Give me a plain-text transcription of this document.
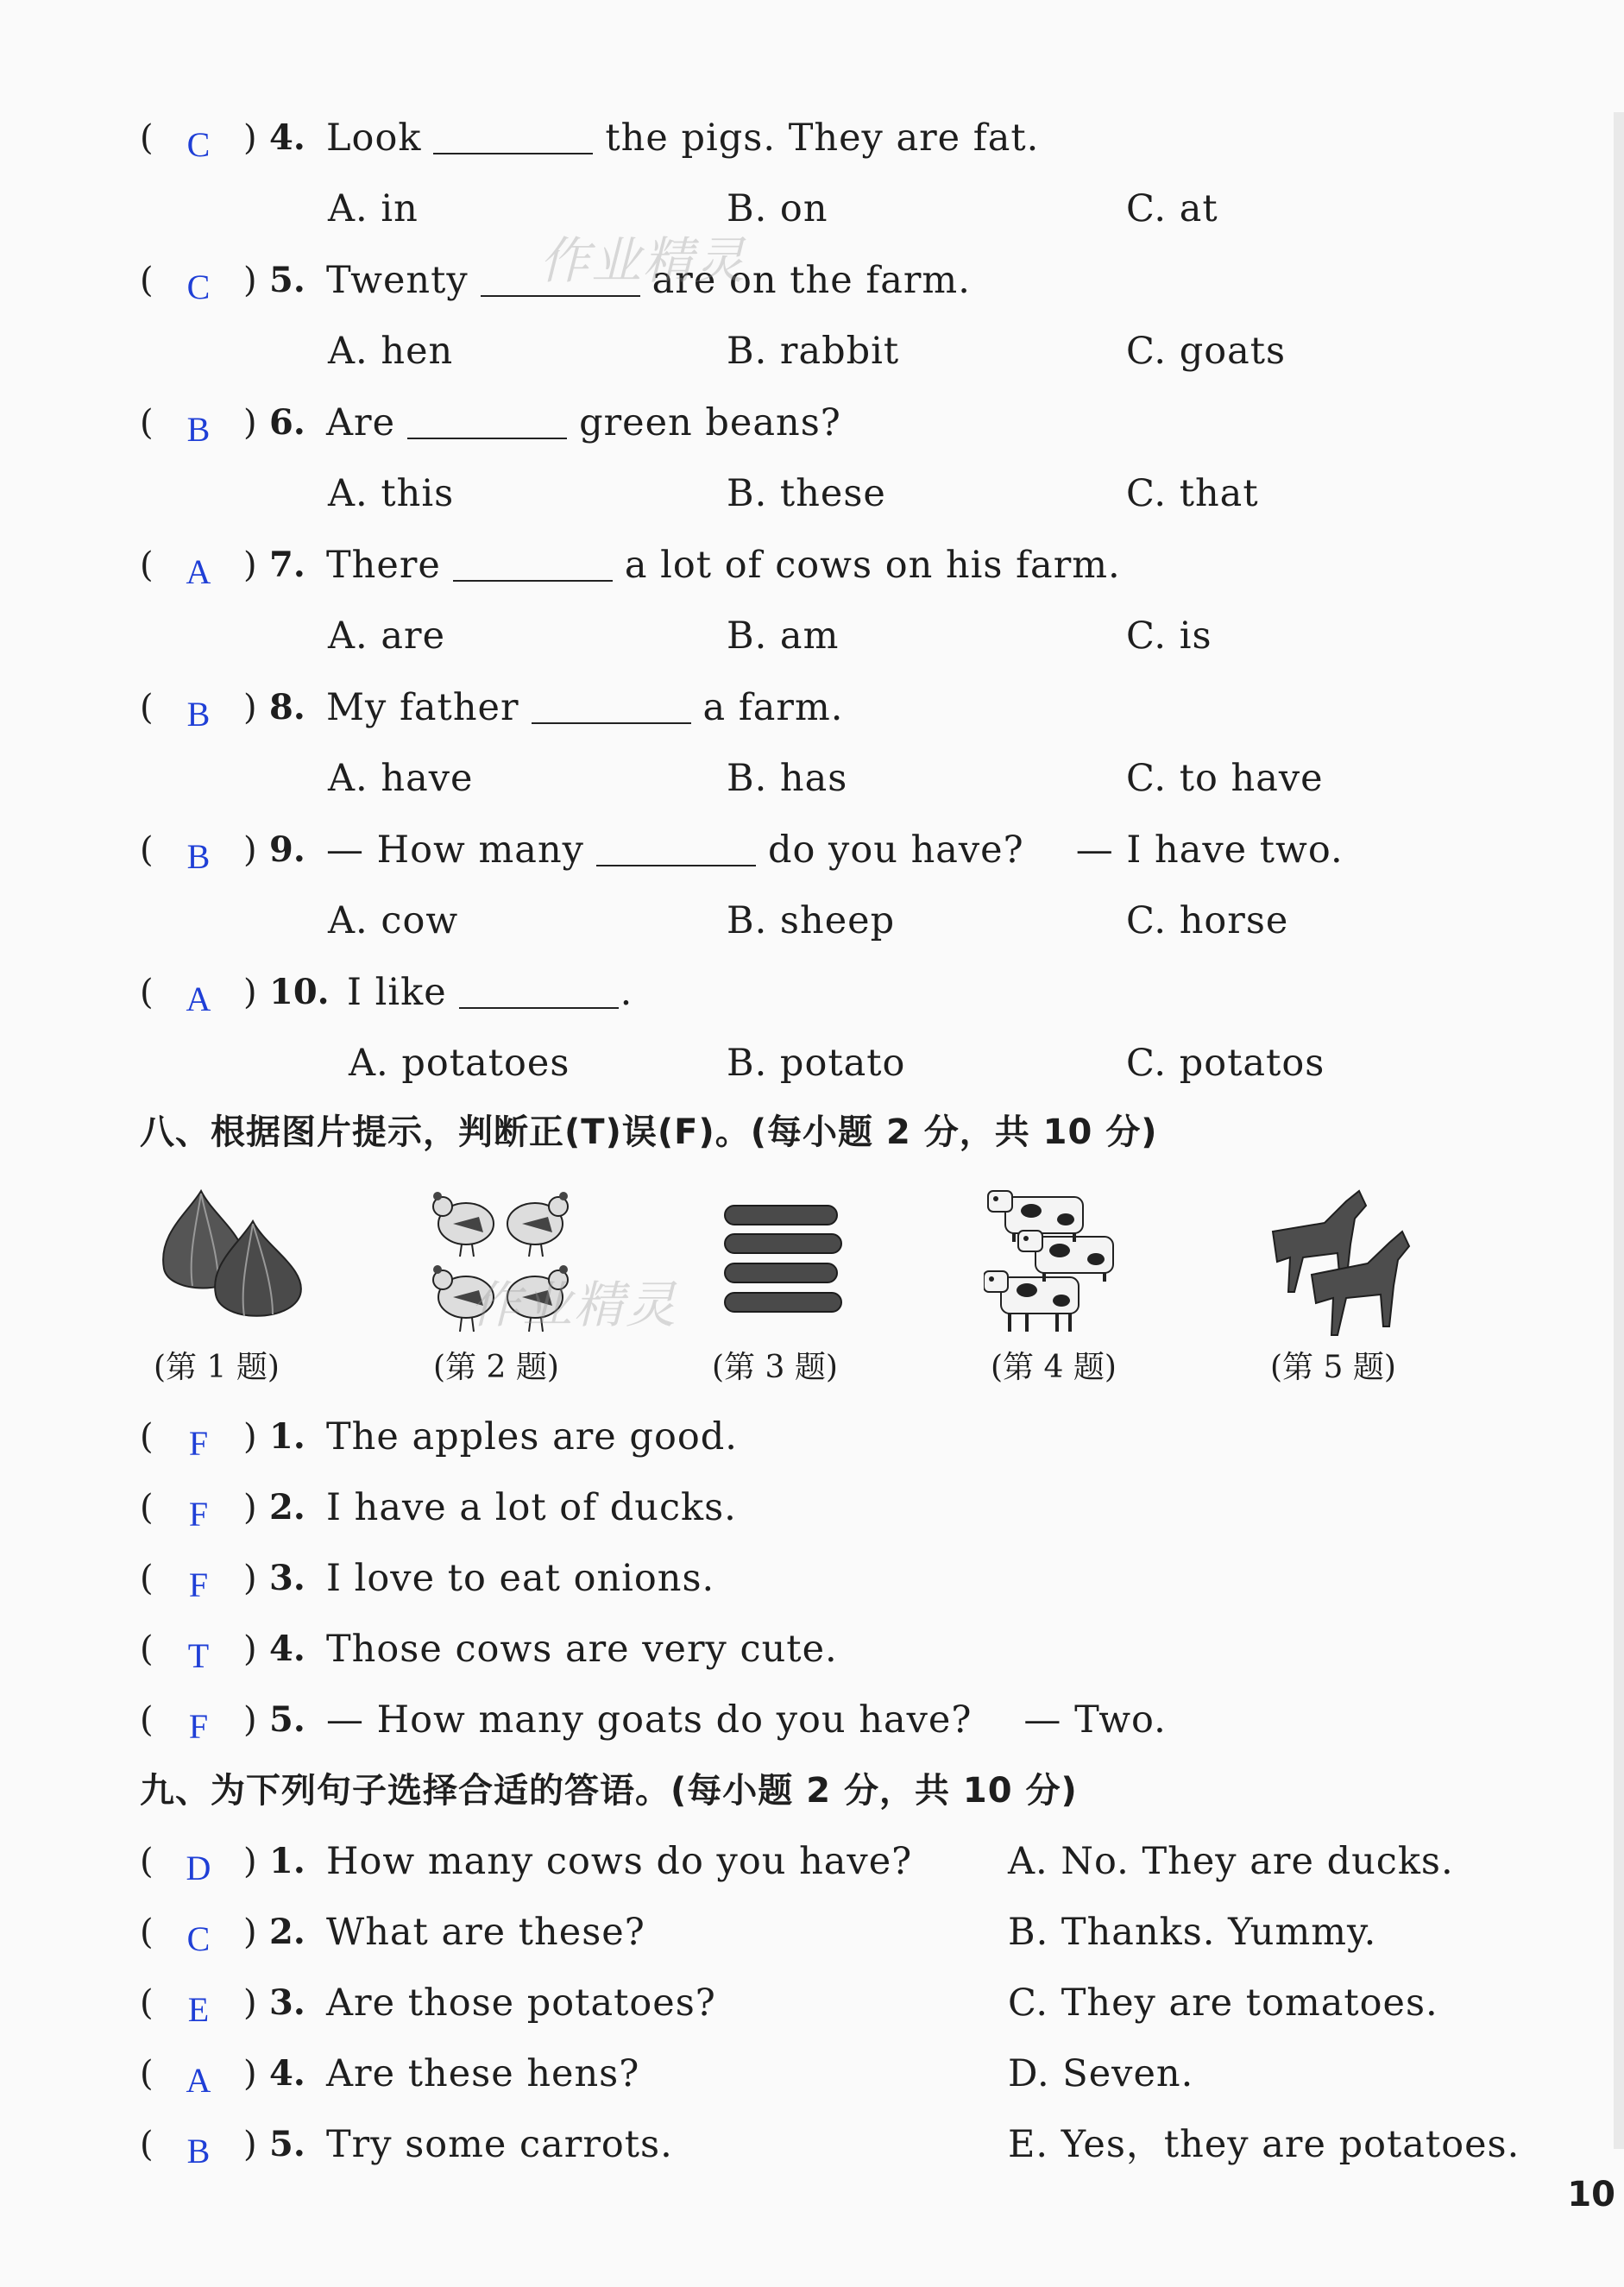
( C ) 4. Look	the pigs. They are fat.
A. in	B. on	C. at
( C ) 5. Twenty	are on the farm.
A. hen	B. rabbit	C. goats
( B ) 6. Are	green beans?
A. this	B. these	C. that
( A ) 7. There	a lot of cows on his farm.
A. are	B. am	C. is
( B ) 8. My father	a farm.
A. have	B. has	C. to have
( B ) 9. — How many	do you have? — I have two.
A. cow	B. sheep	C. horse
( A ) 10. I like	.
A. potatoes	B. potato	C. potatos
八、根据图片提示，判断正(T)误(F)。(每小题 2 分，共 10 分)
(第 1 题)	(第 2 题)	(第 3 题)	(第 4 题)	(第 5 题)
( F ) 1. The apples are good.
( F ) 2. I have a lot of ducks.
( F ) 3. I love to eat onions.
( T ) 4. Those cows are very cute.
( F ) 5. — How many goats do you have? — Two.
九、为下列句子选择合适的答语。(每小题 2 分，共 10 分)
( D ) 1. How many cows do you have?	A. No. They are ducks.
( C ) 2. What are these?	B. Thanks. Yummy.
( E ) 3. Are those potatoes?	C. They are tomatoes.
( A ) 4. Are these hens?	D. Seven.
( B ) 5. Try some carrots.	E. Yes，they are potatoes.
作业精灵
作业精灵
10
